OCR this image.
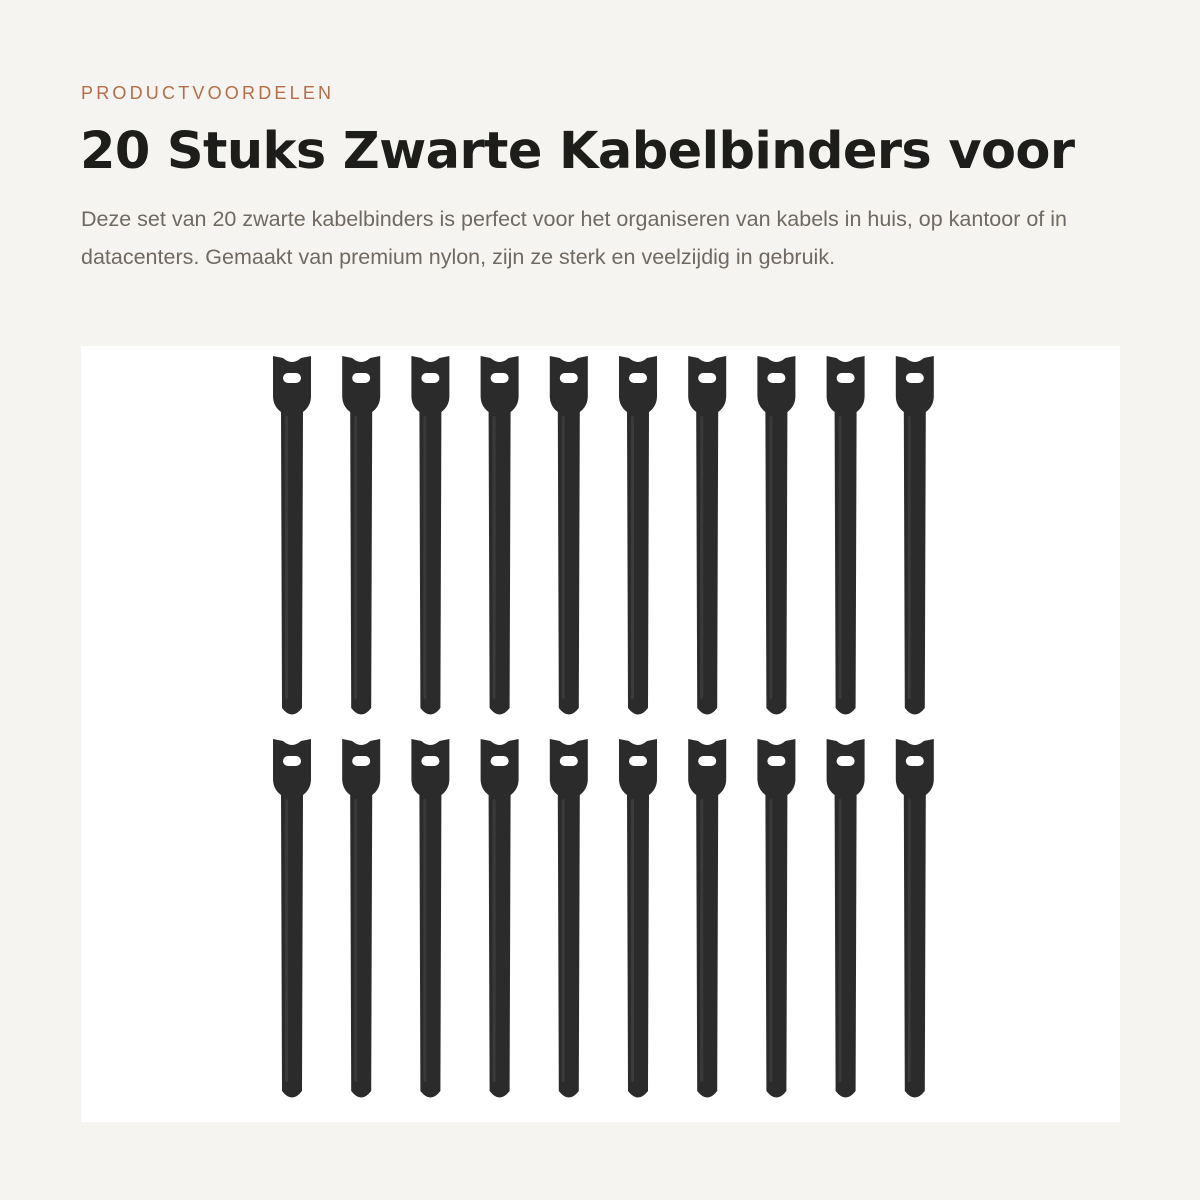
PRODUCTVOORDELEN

20 Stuks Zwarte Kabelbinders voor

Deze set van 20 zwarte kabelbinders is perfect voor het organiseren van kabels in huis, op kantoor of in datacenters. Gemaakt van premium nylon, zijn ze sterk en veelzijdig in gebruik.
